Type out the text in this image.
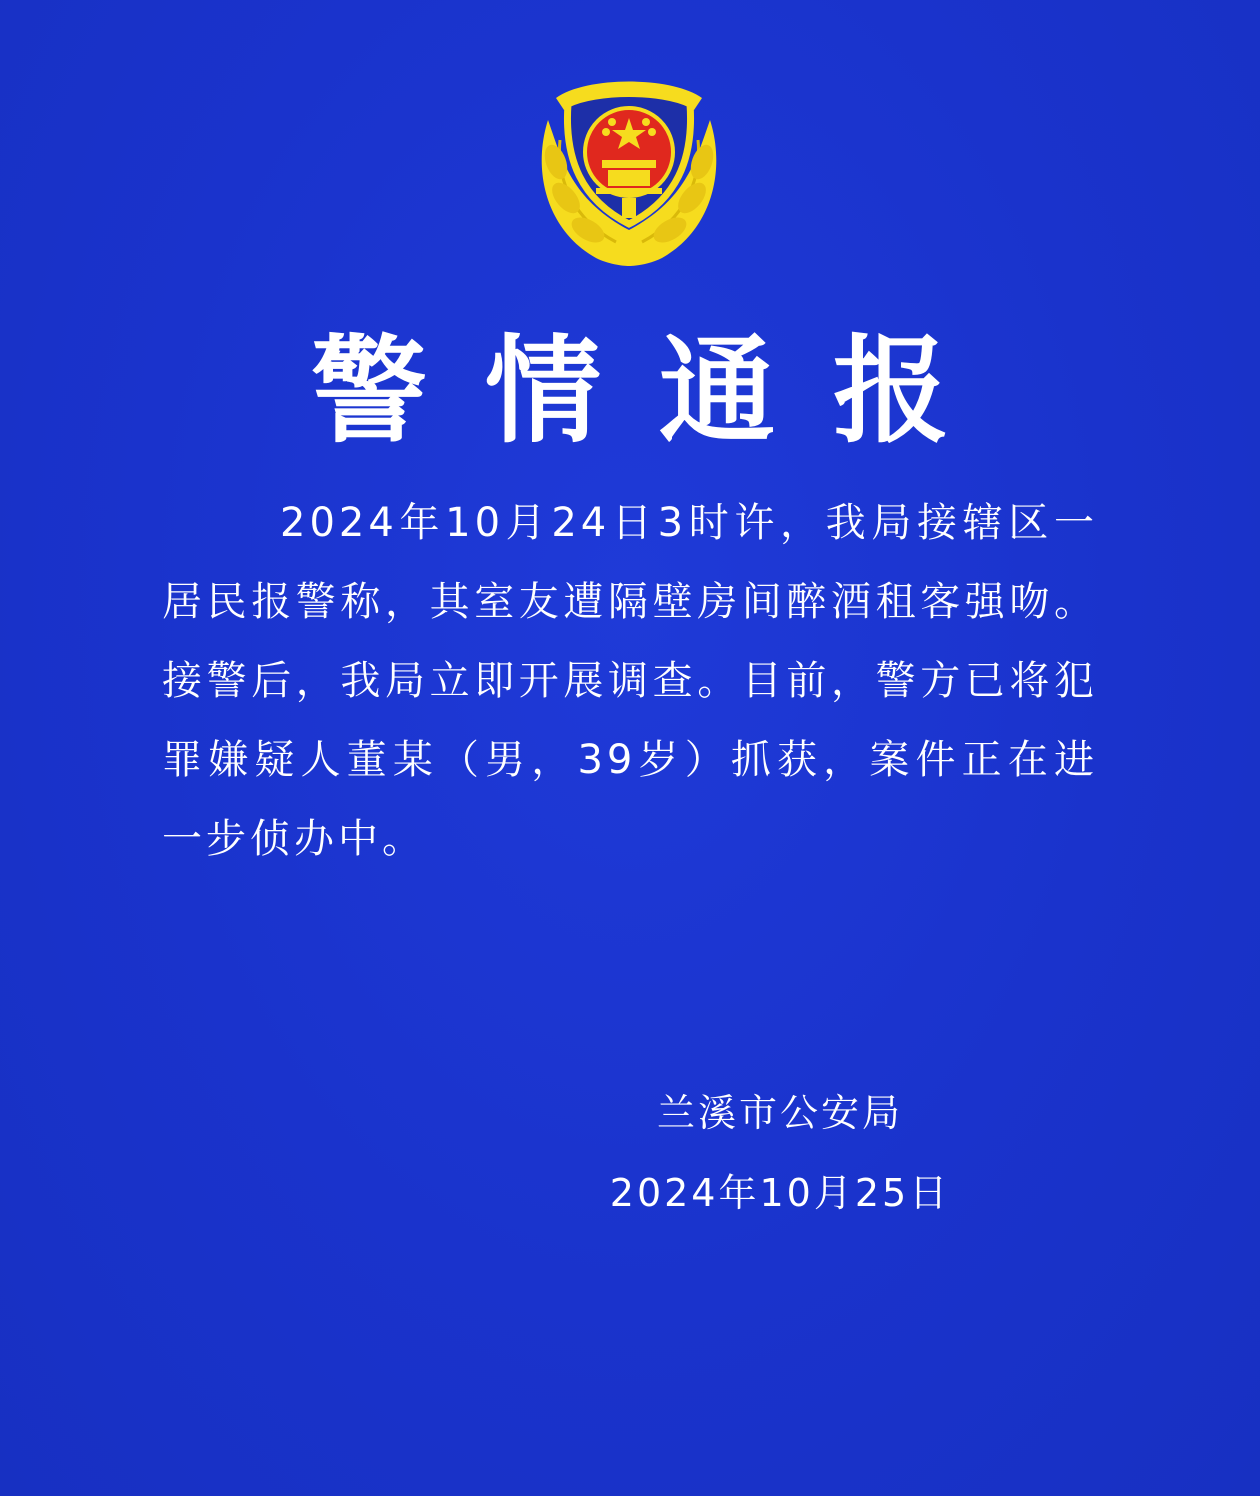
警情通报

2024年10月24日3时许，我局接辖区一居民报警称，其室友遭隔壁房间醉酒租客强吻。接警后，我局立即开展调查。目前，警方已将犯罪嫌疑人董某（男，39岁）抓获，案件正在进一步侦办中。

兰溪市公安局
2024年10月25日
